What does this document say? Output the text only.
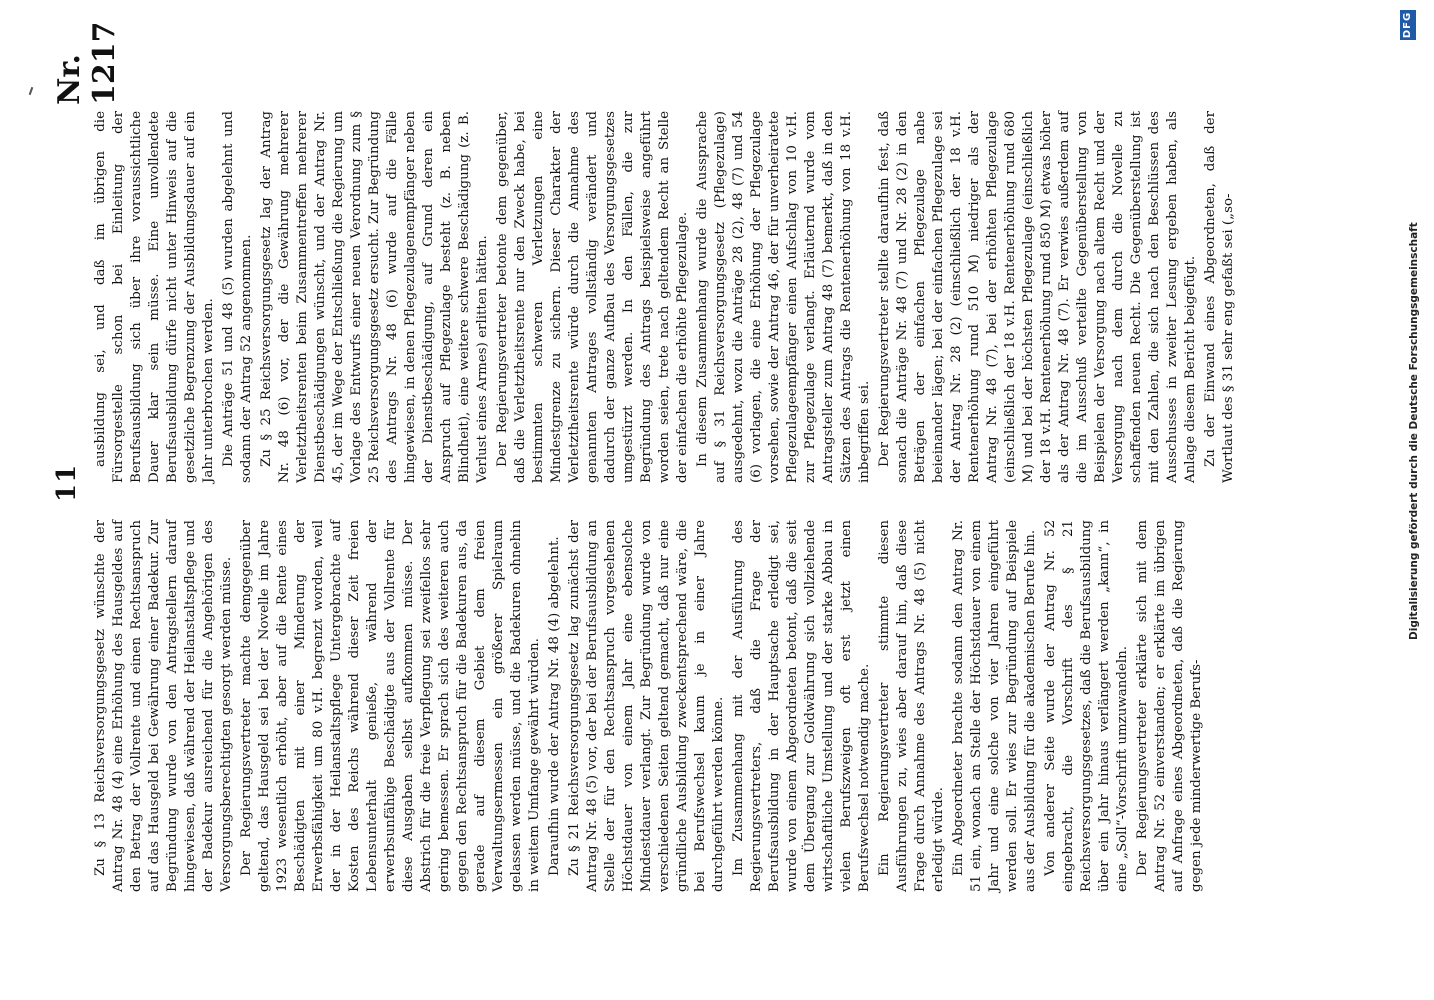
11
Nr. 1217

Zu § 13 Reichsversorgungsgesetz wünschte der Antrag Nr. 48 (4) eine Erhöhung des Hausgeldes auf den Betrag der Vollrente und einen Rechtsanspruch auf das Hausgeld bei Gewährung einer Badekur. Zur Begründung wurde von den Antragstellern darauf hingewiesen, daß während der Heilanstaltspflege und der Badekur ausreichend für die Angehörigen des Versorgungsberechtigten gesorgt werden müsse. Der Regierungsvertreter machte demgegenüber geltend, das Hausgeld sei bei der Novelle im Jahre 1923 wesentlich erhöht, aber auf die Rente eines Beschädigten mit einer Minderung der Erwerbsfähigkeit um 80 v.H. begrenzt worden, weil der in der Heilanstaltspflege Untergebrachte auf Kosten des Reichs während dieser Zeit freien Lebensunterhalt genieße, während der erwerbsunfähige Beschädigte aus der Vollrente für diese Ausgaben selbst aufkommen müsse. Der Abstrich für die freie Verpflegung sei zweifellos sehr gering bemessen. Er sprach sich des weiteren auch gegen den Rechtsanspruch für die Badekuren aus, da gerade auf diesem Gebiet dem freien Verwaltungsermessen ein größerer Spielraum gelassen werden müsse, und die Badekuren ohnehin in weitem Umfange gewährt würden. Daraufhin wurde der Antrag Nr. 48 (4) abgelehnt. Zu § 21 Reichsversorgungsgesetz lag zunächst der Antrag Nr. 48 (5) vor, der bei der Berufsausbildung an Stelle der für den Rechtsanspruch vorgesehenen Höchstdauer von einem Jahr eine ebensolche Mindestdauer verlangt. Zur Begründung wurde von verschiedenen Seiten geltend gemacht, daß nur eine gründliche Ausbildung zweckentsprechend wäre, die bei Berufswechsel kaum je in einer Jahre durchgeführt werden könne. Im Zusammenhang mit der Ausführung des Regierungsvertreters, daß die Frage der Berufsausbildung in der Hauptsache erledigt sei, wurde von einem Abgeordneten betont, daß die seit dem Übergang zur Goldwährung sich vollziehende wirtschaftliche Umstellung und der starke Abbau in vielen Berufszweigen oft erst jetzt einen Berufswechsel notwendig mache. Ein Regierungsvertreter stimmte diesen Ausführungen zu, wies aber darauf hin, daß diese Frage durch Annahme des Antrags Nr. 48 (5) nicht erledigt würde. Ein Abgeordneter brachte sodann den Antrag Nr. 51 ein, wonach an Stelle der Höchstdauer von einem Jahr und eine solche von vier Jahren eingeführt werden soll. Er wies zur Begründung auf Beispiele aus der Ausbildung für die akademischen Berufe hin. Von anderer Seite wurde der Antrag Nr. 52 eingebracht, die Vorschrift des § 21 Reichsversorgungsgesetzes, daß die Berufsausbildung über ein Jahr hinaus verlängert werden „kann“, in eine „Soll“-Vorschrift umzuwandeln. Der Regierungsvertreter erklärte sich mit dem Antrag Nr. 52 einverstanden; er erklärte im übrigen auf Anfrage eines Abgeordneten, daß die Regierung gegen jede minderwertige Berufs-

ausbildung sei, und daß im übrigen die Fürsorgestelle schon bei Einleitung der Berufsausbildung sich über ihre voraussichtliche Dauer klar sein müsse. Eine unvollendete Berufsausbildung dürfe nicht unter Hinweis auf die gesetzliche Begrenzung der Ausbildungsdauer auf ein Jahr unterbrochen werden. Die Anträge 51 und 48 (5) wurden abgelehnt und sodann der Antrag 52 angenommen. Zu § 25 Reichsversorgungsgesetz lag der Antrag Nr. 48 (6) vor, der die Gewährung mehrerer Verletztheitsrenten beim Zusammentreffen mehrerer Dienstbeschädigungen wünscht, und der Antrag Nr. 45, der im Wege der Entschließung die Regierung um Vorlage des Entwurfs einer neuen Verordnung zum § 25 Reichsversorgungsgesetz ersucht. Zur Begründung des Antrags Nr. 48 (6) wurde auf die Fälle hingewiesen, in denen Pflegezulagenempfänger neben der Dienstbeschädigung, auf Grund deren ein Anspruch auf Pflegezulage besteht (z. B. neben Blindheit), eine weitere schwere Beschädigung (z. B. Verlust eines Armes) erlitten hätten. Der Regierungsvertreter betonte dem gegenüber, daß die Verletztheitsrente nur den Zweck habe, bei bestimmten schweren Verletzungen eine Mindestgrenze zu sichern. Dieser Charakter der Verletztheitsrente würde durch die Annahme des genannten Antrages vollständig verändert und dadurch der ganze Aufbau des Versorgungsgesetzes umgestürzt werden. In den Fällen, die zur Begründung des Antrags beispielsweise angeführt worden seien, trete nach geltendem Recht an Stelle der einfachen die erhöhte Pflegezulage. In diesem Zusammenhang wurde die Aussprache auf § 31 Reichsversorgungsgesetz (Pflegezulage) ausgedehnt, wozu die Anträge 28 (2), 48 (7) und 54 (6) vorlagen, die eine Erhöhung der Pflegezulage vorsehen, sowie der Antrag 46, der für unverheiratete Pflegezulageempfänger einen Aufschlag von 10 v.H. zur Pflegezulage verlangt. Erläuternd wurde vom Antragsteller zum Antrag 48 (7) bemerkt, daß in den Sätzen des Antrags die Rentenerhöhung von 18 v.H. inbegriffen sei. Der Regierungsvertreter stellte daraufhin fest, daß sonach die Anträge Nr. 48 (7) und Nr. 28 (2) in den Beträgen der einfachen Pflegezulage nahe beieinander lägen; bei der einfachen Pflegezulage sei der Antrag Nr. 28 (2) (einschließlich der 18 v.H. Rentenerhöhung rund 510 M) niedriger als der Antrag Nr. 48 (7), bei der erhöhten Pflegezulage (einschließlich der 18 v.H. Rentenerhöhung rund 680 M) und bei der höchsten Pflegezulage (einschließlich der 18 v.H. Rentenerhöhung rund 850 M) etwas höher als der Antrag Nr. 48 (7). Er verwies außerdem auf die im Ausschuß verteilte Gegenüberstellung von Beispielen der Versorgung nach altem Recht und der Versorgung nach dem durch die Novelle zu schaffenden neuen Recht. Die Gegenüberstellung ist mit den Zahlen, die sich nach den Beschlüssen des Ausschusses in zweiter Lesung ergeben haben, als Anlage diesem Bericht beigefügt. Zu der Einwand eines Abgeordneten, daß der Wortlaut des § 31 sehr eng gefaßt sei („so-	Digitalisierung gefördert durch die Deutsche Forschungsgemeinschaft
DFG
